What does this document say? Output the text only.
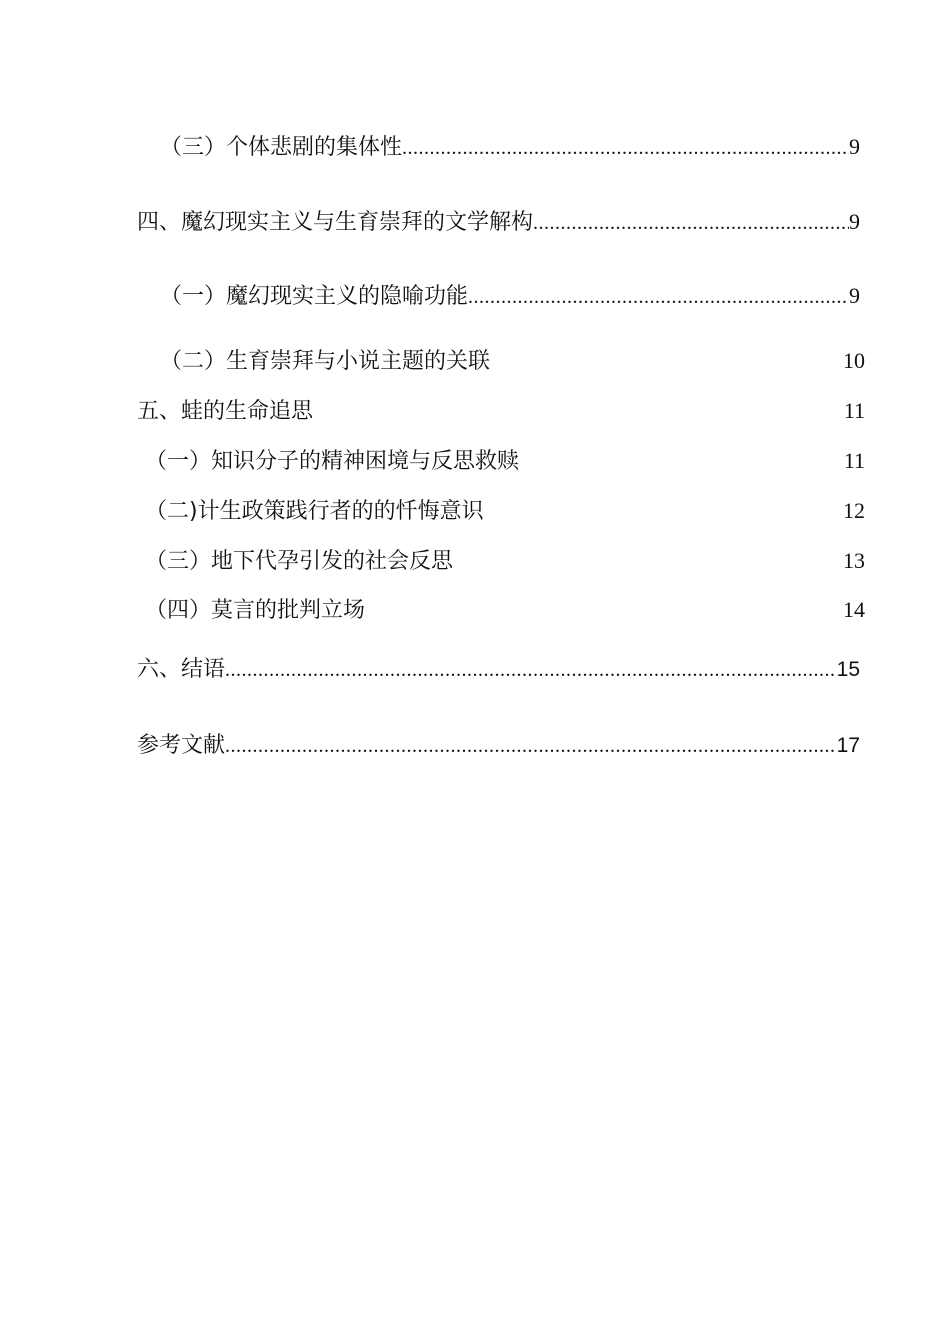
（三）个体悲剧的集体性 .....	9
四、魔幻现实主义与生育崇拜的文学解构 .....	9
（一）魔幻现实主义的隐喻功能 .....	9
（二）生育崇拜与小说主题的关联	10
五、蛙的生命追思	11
（一）知识分子的精神困境与反思救赎	11
（二)计生政策践行者的的忏悔意识	12
（三）地下代孕引发的社会反思	13
（四）莫言的批判立场	14
六、结语 .....	15
参考文献 .....	17
